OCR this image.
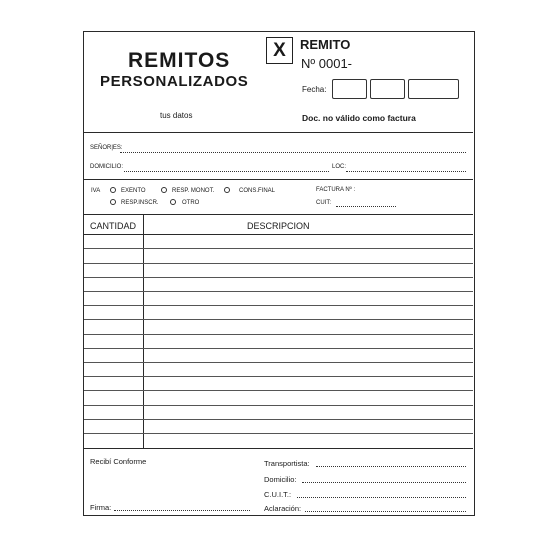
REMITOS
PERSONALIZADOS
tus datos
X	REMITO
Nº 0001-
Fecha:
Doc. no válido como factura
SEÑOR|ES:
DOMICILIO:	LOC:
IVA	EXENTO	RESP. MONOT.	CONS.FINAL
RESP.INSCR.	OTRO
FACTURA Nº :
CUIT:
CANTIDAD	DESCRIPCION
Recibí Conforme
Firma:
Transportista:
Domicilio:
C.U.I.T.:
Aclaración:
